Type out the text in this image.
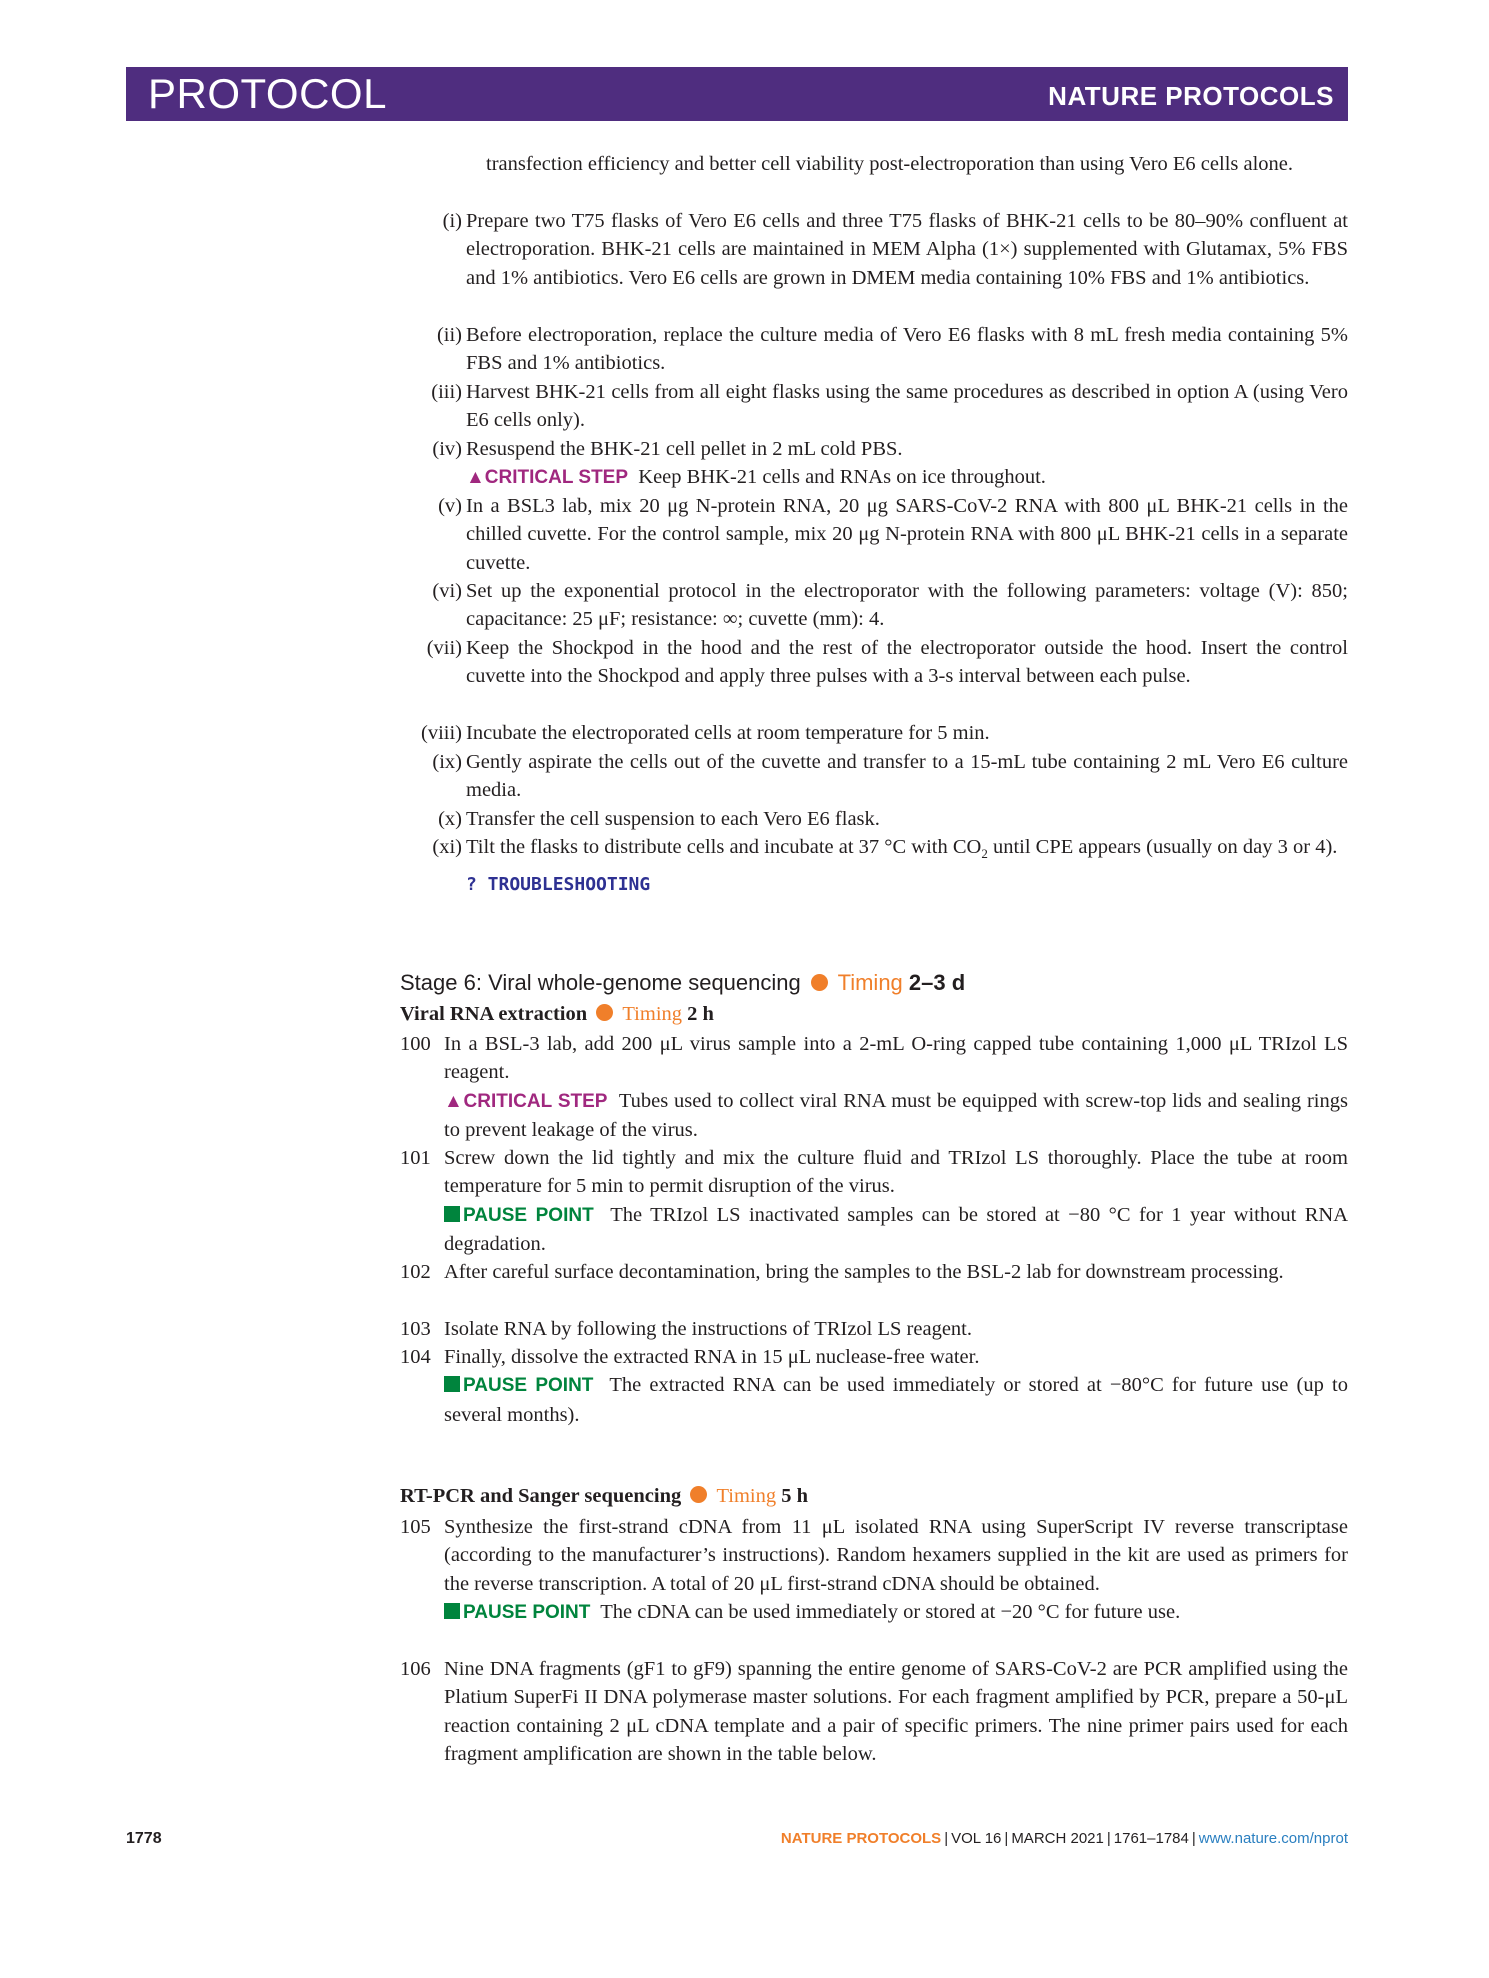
PROTOCOL	NATURE PROTOCOLS
transfection efficiency and better cell viability post-electroporation than using Vero E6 cells alone.
(i) Prepare two T75 flasks of Vero E6 cells and three T75 flasks of BHK-21 cells to be 80–90% confluent at electroporation. BHK-21 cells are maintained in MEM Alpha (1×) supplemented with Glutamax, 5% FBS and 1% antibiotics. Vero E6 cells are grown in DMEM media containing 10% FBS and 1% antibiotics.
(ii) Before electroporation, replace the culture media of Vero E6 flasks with 8 mL fresh media containing 5% FBS and 1% antibiotics.
(iii) Harvest BHK-21 cells from all eight flasks using the same procedures as described in option A (using Vero E6 cells only).
(iv) Resuspend the BHK-21 cell pellet in 2 mL cold PBS.
▲CRITICAL STEP Keep BHK-21 cells and RNAs on ice throughout.
(v) In a BSL3 lab, mix 20 μg N-protein RNA, 20 μg SARS-CoV-2 RNA with 800 μL BHK-21 cells in the chilled cuvette. For the control sample, mix 20 μg N-protein RNA with 800 μL BHK-21 cells in a separate cuvette.
(vi) Set up the exponential protocol in the electroporator with the following parameters: voltage (V): 850; capacitance: 25 μF; resistance: ∞; cuvette (mm): 4.
(vii) Keep the Shockpod in the hood and the rest of the electroporator outside the hood. Insert the control cuvette into the Shockpod and apply three pulses with a 3-s interval between each pulse.
(viii) Incubate the electroporated cells at room temperature for 5 min.
(ix) Gently aspirate the cells out of the cuvette and transfer to a 15-mL tube containing 2 mL Vero E6 culture media.
(x) Transfer the cell suspension to each Vero E6 flask.
(xi) Tilt the flasks to distribute cells and incubate at 37 °C with $CO_2$ until CPE appears (usually on day 3 or 4).
? TROUBLESHOOTING
Stage 6: Viral whole-genome sequencing Timing 2–3 d
Viral RNA extraction Timing 2 h
100 In a BSL-3 lab, add 200 μL virus sample into a 2-mL O-ring capped tube containing 1,000 μL TRIzol LS reagent.
▲CRITICAL STEP Tubes used to collect viral RNA must be equipped with screw-top lids and sealing rings to prevent leakage of the virus.
101 Screw down the lid tightly and mix the culture fluid and TRIzol LS thoroughly. Place the tube at room temperature for 5 min to permit disruption of the virus.
PAUSE POINT The TRIzol LS inactivated samples can be stored at −80 °C for 1 year without RNA degradation.
102 After careful surface decontamination, bring the samples to the BSL-2 lab for downstream processing.
103 Isolate RNA by following the instructions of TRIzol LS reagent.
104 Finally, dissolve the extracted RNA in 15 μL nuclease-free water.
PAUSE POINT The extracted RNA can be used immediately or stored at −80°C for future use (up to several months).
RT-PCR and Sanger sequencing Timing 5 h
105 Synthesize the first-strand cDNA from 11 μL isolated RNA using SuperScript IV reverse transcriptase (according to the manufacturer’s instructions). Random hexamers supplied in the kit are used as primers for the reverse transcription. A total of 20 μL first-strand cDNA should be obtained.
PAUSE POINT The cDNA can be used immediately or stored at −20 °C for future use.
106 Nine DNA fragments (gF1 to gF9) spanning the entire genome of SARS-CoV-2 are PCR amplified using the Platium SuperFi II DNA polymerase master solutions. For each fragment amplified by PCR, prepare a 50-μL reaction containing 2 μL cDNA template and a pair of specific primers. The nine primer pairs used for each fragment amplification are shown in the table below.
1778	NATURE PROTOCOLS | VOL 16 | MARCH 2021 | 1761–1784 | www.nature.com/nprot
